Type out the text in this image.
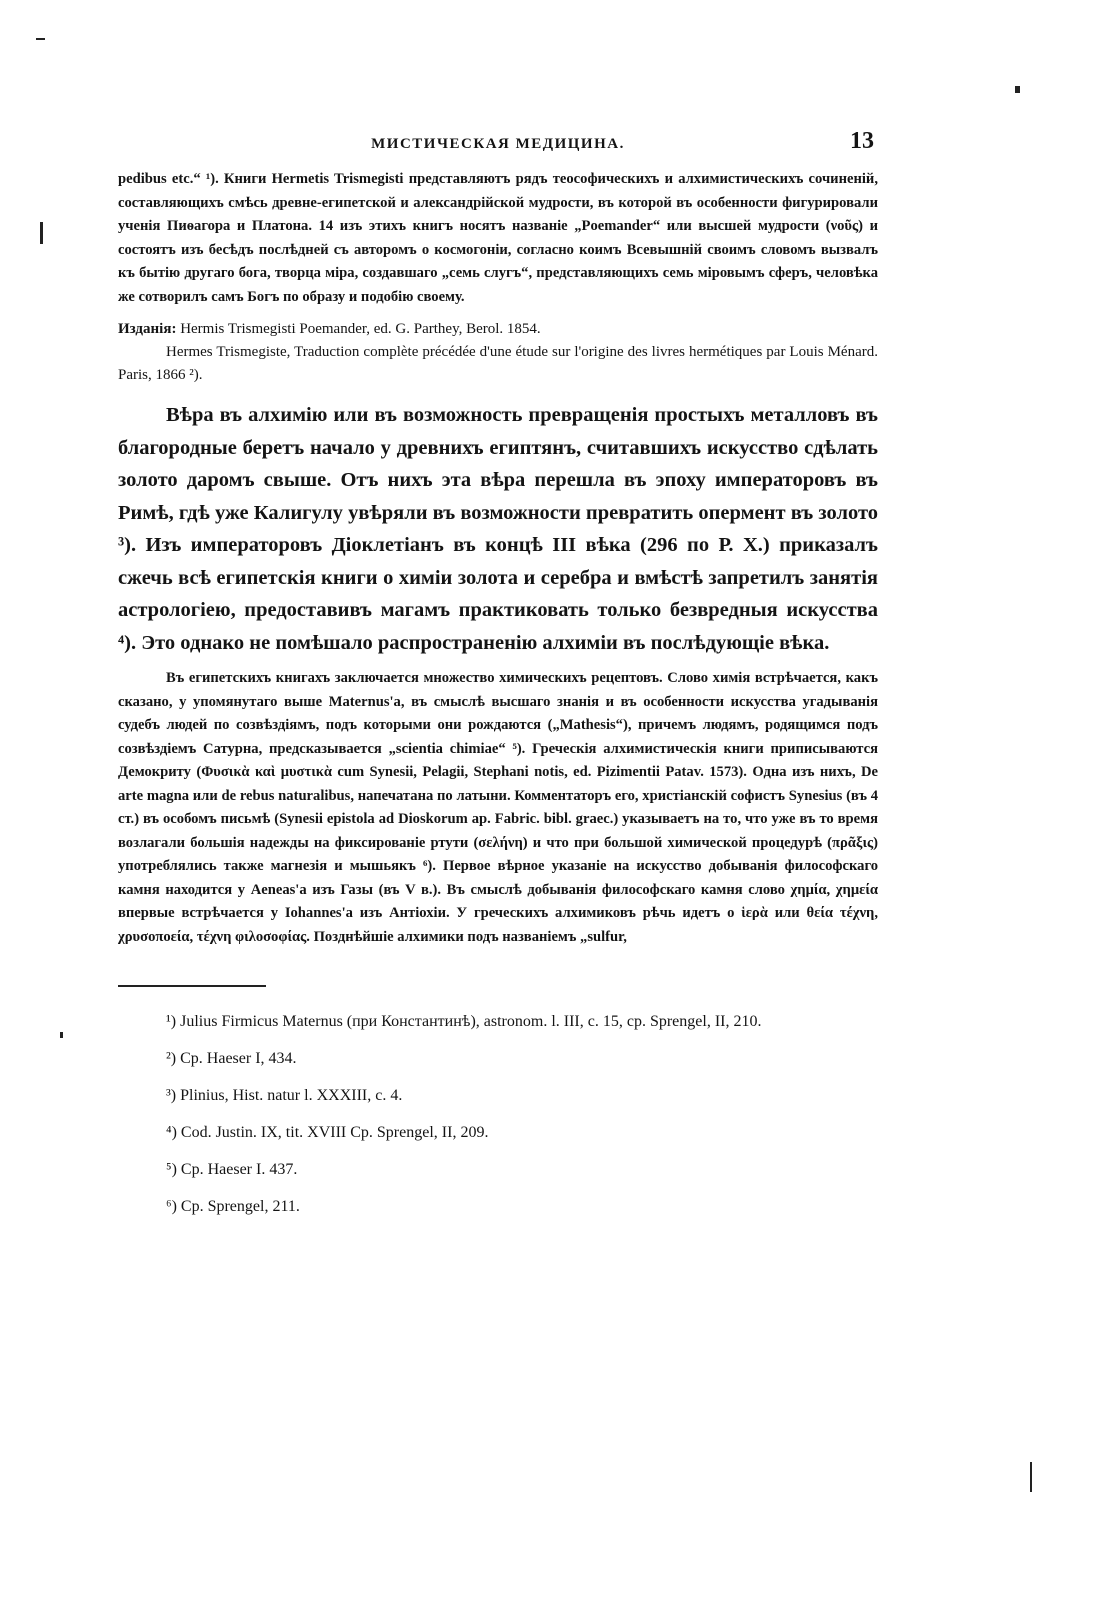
МИСТИЧЕСКАЯ МЕДИЦИНА.	13

pedibus etc.“ ¹). Книги Hermetis Trismegisti представляютъ рядъ теософическихъ и алхимистическихъ сочиненій, составляющихъ смѣсь древне-египетской и александрійской мудрости, въ которой въ особенности фигурировали ученія Пиѳагора и Платона. 14 изъ этихъ книгъ носятъ названіе „Poemander“ или высшей мудрости (νοῦς) и состоятъ изъ бесѣдъ послѣдней съ авторомъ о космогоніи, согласно коимъ Всевышній своимъ словомъ вызвалъ къ бытію другаго бога, творца міра, создавшаго „семь слугъ“, представляющихъ семь міровымъ сферъ, человѣка же сотворилъ самъ Богъ по образу и подобію своему.

Изданія: Hermis Trismegisti Poemander, ed. G. Parthey, Berol. 1854.

Hermes Trismegiste, Traduction complète précédée d'une étude sur l'origine des livres hermétiques par Louis Ménard. Paris, 1866 ²).

Вѣра въ алхимію или въ возможность превращенія простыхъ металловъ въ благородные беретъ начало у древнихъ египтянъ, считавшихъ искусство сдѣлать золото даромъ свыше. Отъ нихъ эта вѣра перешла въ эпоху императоровъ въ Римѣ, гдѣ уже Калигулу увѣряли въ возможности превратить опермент въ золото ³). Изъ императоровъ Діоклетіанъ въ концѣ III вѣка (296 по Р. Х.) приказалъ сжечь всѣ египетскія книги о химіи золота и серебра и вмѣстѣ запретилъ занятія астрологіею, предоставивъ магамъ практиковать только безвредныя искусства ⁴). Это однако не помѣшало распространенію алхиміи въ послѣдующіе вѣка.

Въ египетскихъ книгахъ заключается множество химическихъ рецептовъ. Слово химія встрѣчается, какъ сказано, у упомянутаго выше Maternus'а, въ смыслѣ высшаго знанія и въ особенности искусства угадыванія судебъ людей по созвѣздіямъ, подъ которыми они рождаются („Mathesis“), причемъ людямъ, родящимся подъ созвѣздіемъ Сатурна, предсказывается „scientia chimiae“ ⁵). Греческія алхимистическія книги приписываются Демокриту (Φυσικὰ καὶ μυστικὰ cum Synesii, Pelagii, Stephani notis, ed. Pizimentii Patav. 1573). Одна изъ нихъ, De arte magna или de rebus naturalibus, напечатана по латыни. Комментаторъ его, христіанскій софистъ Synesius (въ 4 ст.) въ особомъ письмѣ (Synesii epistola ad Dioskorum ap. Fabric. bibl. graec.) указываетъ на то, что уже въ то время возлагали большія надежды на фиксированіе ртути (σελήνη) и что при большой химической процедурѣ (πρᾶξις) употреблялись также магнезія и мышьякъ ⁶). Первое вѣрное указаніе на искусство добыванія философскаго камня находится у Aeneas'а изъ Газы (въ V в.). Въ смыслѣ добыванія философскаго камня слово χημία, χημεία впервые встрѣчается у Iohannes'а изъ Антіохіи. У греческихъ алхимиковъ рѣчь идетъ о ἱερὰ или θεία τέχνη, χρυσοποεία, τέχνη φιλοσοφίας. Позднѣйшіе алхимики подъ названіемъ „sulfur,

¹) Julius Firmicus Maternus (при Константинѣ), astronom. l. III, c. 15, cp. Sprengel, II, 210.

²) Cp. Haeser I, 434.

³) Plinius, Hist. natur l. XXXIII, c. 4.

⁴) Cod. Justin. IX, tit. XVIII Cp. Sprengel, II, 209.

⁵) Cp. Haeser I. 437.

⁶) Cp. Sprengel, 211.
